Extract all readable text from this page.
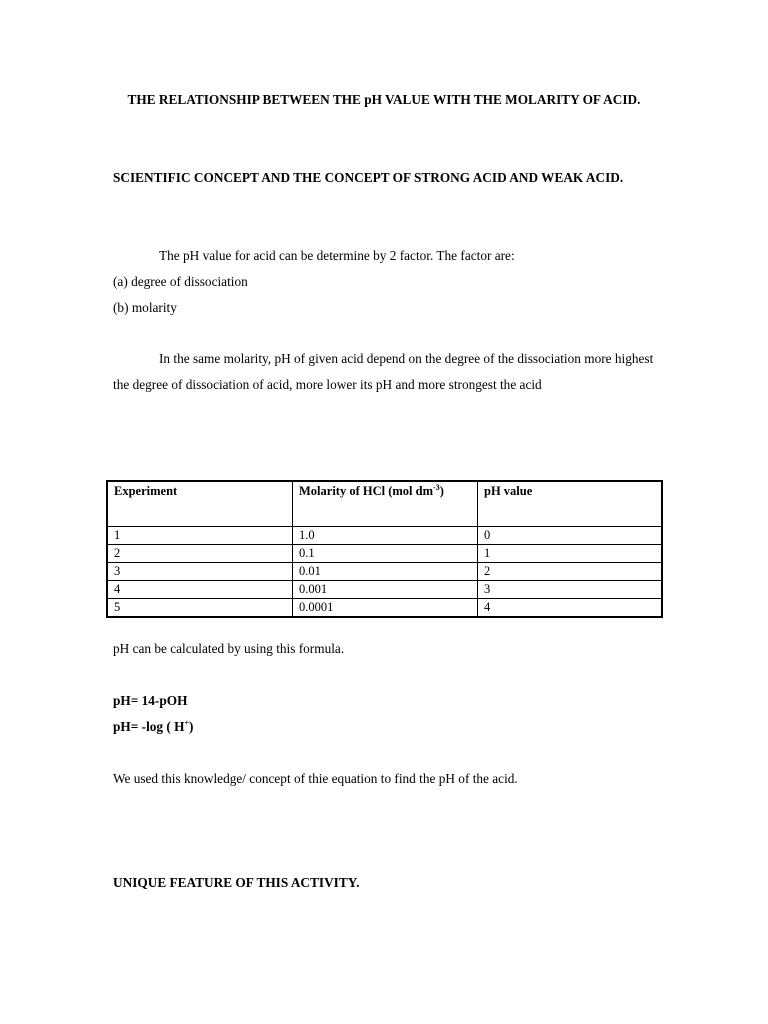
THE RELATIONSHIP BETWEEN THE pH VALUE WITH THE MOLARITY OF ACID.

SCIENTIFIC CONCEPT AND THE CONCEPT OF STRONG ACID AND WEAK ACID.

The pH value for acid can be determine by 2 factor. The factor are:

(a) degree of dissociation

(b) molarity

In the same molarity, pH of given acid depend on the degree of the dissociation more highest the degree of dissociation of acid, more lower its pH and more strongest the acid

Experiment	Molarity of HCl (mol $dm^{-3}$)	pH value
1	1.0	0
2	0.1	1
3	0.01	2
4	0.001	3
5	0.0001	4

pH can be calculated by using this formula.

pH= 14-pOH

pH= -log ( H+)

We used this knowledge/ concept of thie equation to find the pH of the acid.

UNIQUE FEATURE OF THIS ACTIVITY.
